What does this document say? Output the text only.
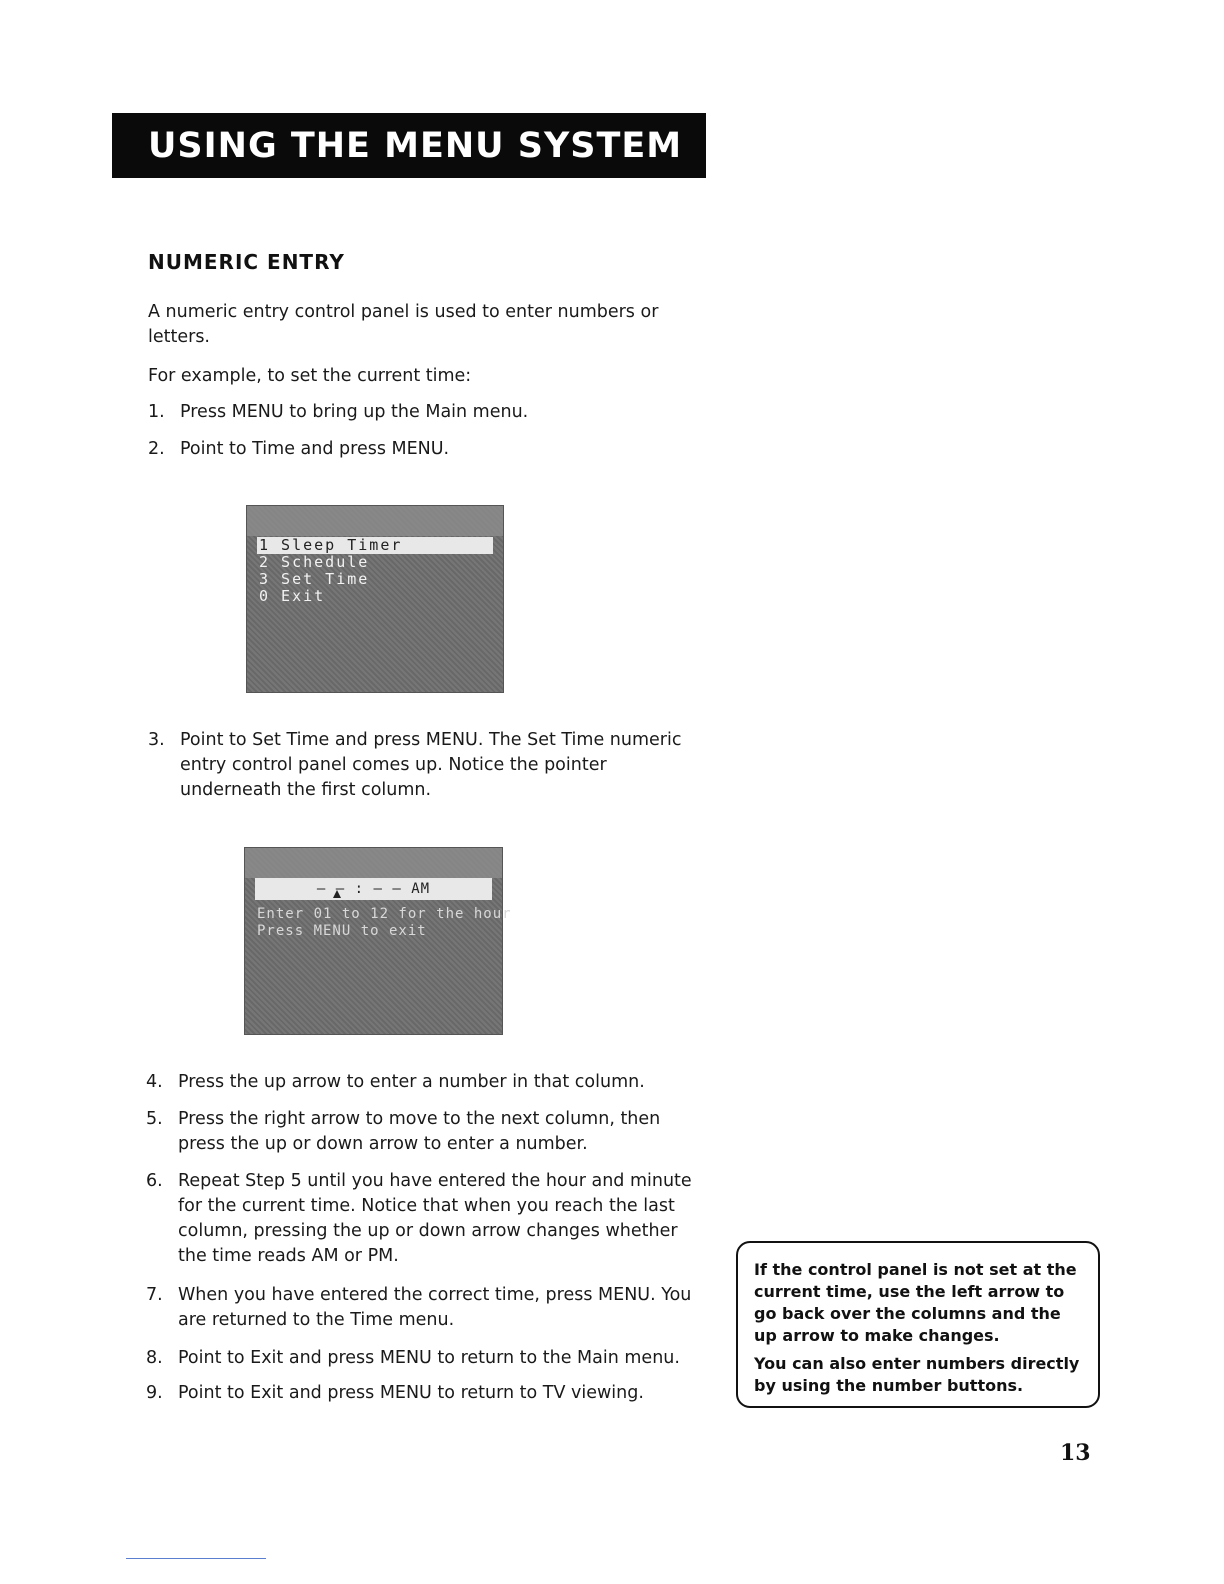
USING THE MENU SYSTEM
NUMERIC ENTRY
A numeric entry control panel is used to enter numbers or
letters.
For example, to set the current time:
1. Press MENU to bring up the Main menu.
2. Point to Time and press MENU.
1 Sleep Timer
2 Schedule
3 Set Time
0 Exit
3. Point to Set Time and press MENU. The Set Time numeric entry control panel comes up. Notice the pointer underneath the first column.
– – : – – AM
Enter 01 to 12 for the hour
Press MENU to exit
4. Press the up arrow to enter a number in that column.
5. Press the right arrow to move to the next column, then press the up or down arrow to enter a number.
6. Repeat Step 5 until you have entered the hour and minute for the current time. Notice that when you reach the last column, pressing the up or down arrow changes whether the time reads AM or PM.
7. When you have entered the correct time, press MENU. You are returned to the Time menu.
8. Point to Exit and press MENU to return to the Main menu.
9. Point to Exit and press MENU to return to TV viewing.

If the control panel is not set at the current time, use the left arrow to go back over the columns and the up arrow to make changes.

You can also enter numbers directly by using the number buttons.

13
